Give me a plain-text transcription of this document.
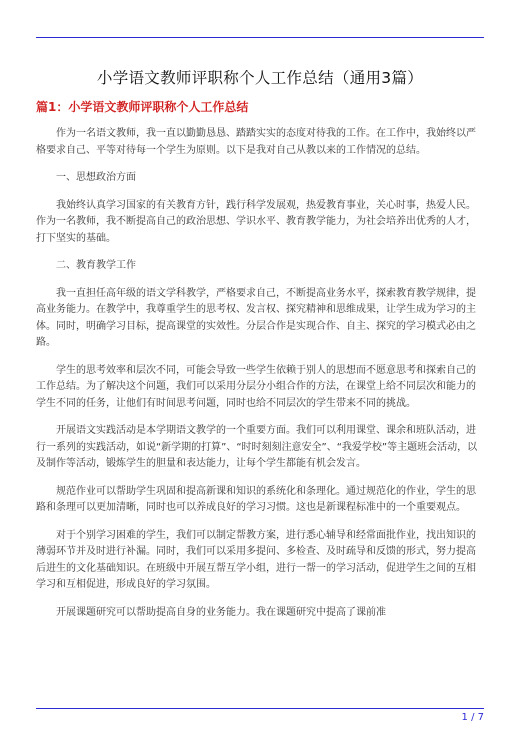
小学语文教师评职称个人工作总结（通用3篇）
篇1：小学语文教师评职称个人工作总结

作为一名语文教师，我一直以勤勤恳恳、踏踏实实的态度对待我的工作。在工作中，我始终以严格要求自己、平等对待每一个学生为原则。以下是我对自己从教以来的工作情况的总结。

一、思想政治方面

我始终认真学习国家的有关教育方针，践行科学发展观，热爱教育事业，关心时事，热爱人民。作为一名教师，我不断提高自己的政治思想、学识水平、教育教学能力，为社会培养出优秀的人才，打下坚实的基础。

二、教育教学工作

我一直担任高年级的语文学科教学，严格要求自己，不断提高业务水平，探索教育教学规律，提高业务能力。在教学中，我尊重学生的思考权、发言权、探究精神和思维成果，让学生成为学习的主体。同时，明确学习目标，提高课堂的实效性。分层合作是实现合作、自主、探究的学习模式必由之路。

学生的思考效率和层次不同，可能会导致一些学生依赖于别人的思想而不愿意思考和探索自己的工作总结。为了解决这个问题，我们可以采用分层分小组合作的方法，在课堂上给不同层次和能力的学生不同的任务，让他们有时间思考问题，同时也给不同层次的学生带来不同的挑战。

开展语文实践活动是本学期语文教学的一个重要方面。我们可以利用课堂、课余和班队活动，进行一系列的实践活动，如说“新学期的打算”、“时时刻刻注意安全”、“我爱学校”等主题班会活动，以及制作等活动，锻炼学生的胆量和表达能力，让每个学生都能有机会发言。

规范作业可以帮助学生巩固和提高新课和知识的系统化和条理化。通过规范化的作业，学生的思路和条理可以更加清晰，同时也可以养成良好的学习习惯。这也是新课程标准中的一个重要观点。

对于个别学习困难的学生，我们可以制定帮教方案，进行悉心辅导和经常面批作业，找出知识的薄弱环节并及时进行补漏。同时，我们可以采用多提问、多检查、及时疏导和反馈的形式，努力提高后进生的文化基础知识。在班级中开展互帮互学小组，进行一帮一的学习活动，促进学生之间的互相学习和互相促进，形成良好的学习氛围。

开展课题研究可以帮助提高自身的业务能力。我在课题研究中提高了课前准

1 / 7
